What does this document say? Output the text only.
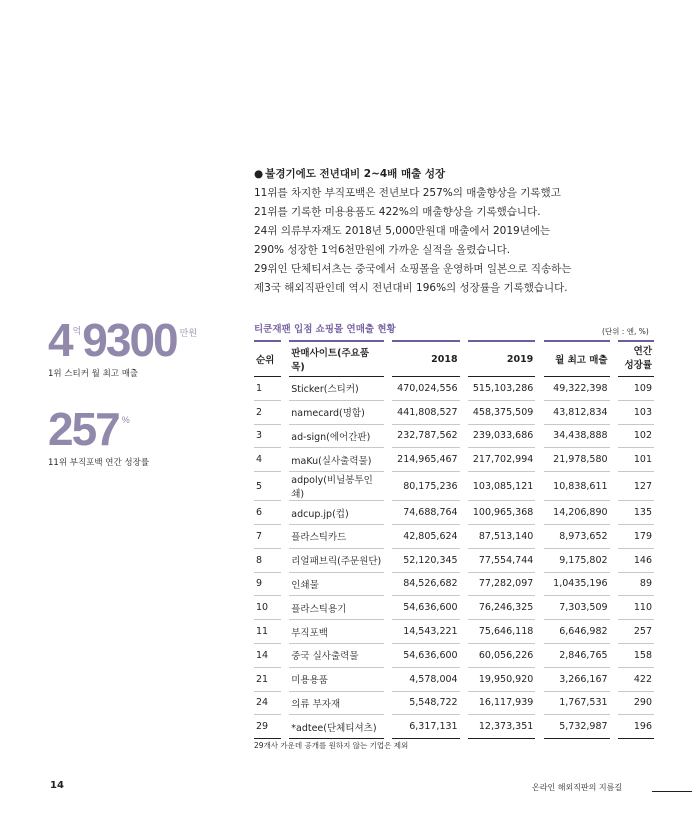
● 불경기에도 전년대비 2~4배 매출 성장

11위를 차지한 부직포백은 전년보다 257%의 매출향상을 기록했고

21위를 기록한 미용용품도 422%의 매출향상을 기록했습니다.

24위 의류부자재도 2018년 5,000만원대 매출에서 2019년에는

290% 성장한 1억6천만원에 가까운 실적을 올렸습니다.

29위인 단체티셔츠는 중국에서 쇼핑몰을 운영하며 일본으로 직송하는

제3국 해외직판인데 역시 전년대비 196%의 성장률을 기록했습니다.

$4^억9300$ $^{만원}$
1위 스티커 월 최고 매출
257 %
11위 부직포백 연간 성장률
티쿤재팬 입점 쇼핑몰 연매출 현황	(단위 : 엔, %)
순위		판매사이트(주요품목)		2018		2019		월 최고 매출		연간
성장률
1		Sticker(스티커)		470,024,556		515,103,286		49,322,398		109
2		namecard(명함)		441,808,527		458,375,509		43,812,834		103
3		ad-sign(에어간판)		232,787,562		239,033,686		34,438,888		102
4		maKu(실사출력물)		214,965,467		217,702,994		21,978,580		101
5		adpoly(비닐봉투인쇄)		80,175,236		103,085,121		10,838,611		127
6		adcup.jp(컵)		74,688,764		100,965,368		14,206,890		135
7		플라스틱카드		42,805,624		87,513,140		8,973,652		179
8		리얼패브릭(주문원단)		52,120,345		77,554,744		9,175,802		146
9		인쇄물		84,526,682		77,282,097		1,0435,196		89
10		플라스틱용기		54,636,600		76,246,325		7,303,509		110
11		부직포백		14,543,221		75,646,118		6,646,982		257
14		중국 실사출력물		54,636,600		60,056,226		2,846,765		158
21		미용용품		4,578,004		19,950,920		3,266,167		422
24		의류 부자재		5,548,722		16,117,939		1,767,531		290
29		*adtee(단체티셔츠)		6,317,131		12,373,351		5,732,987		196
29개사 가운데 공개를 원하지 않는 기업은 제외
14	온라인 해외직판의 지름길
